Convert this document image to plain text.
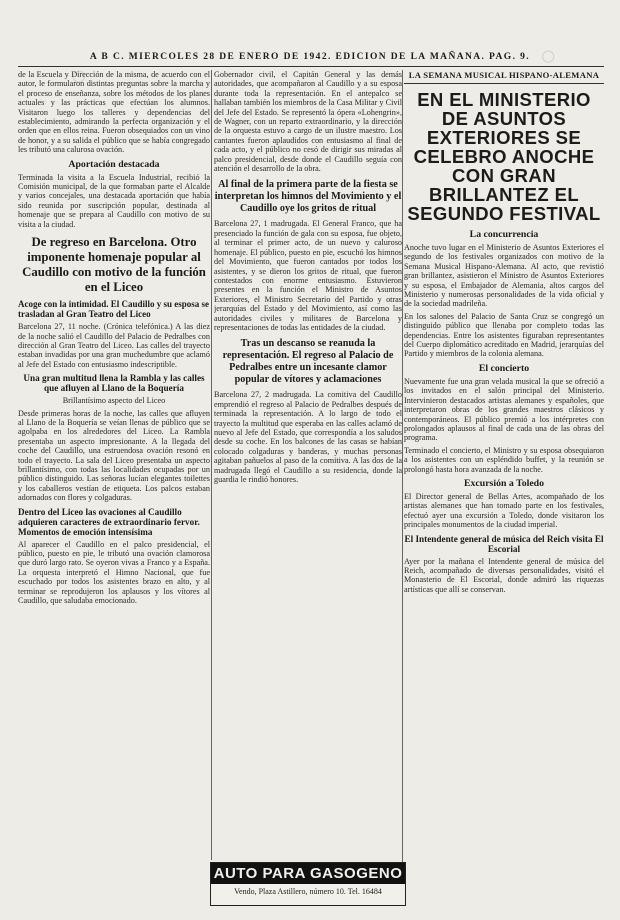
A B C. MIERCOLES 28 DE ENERO DE 1942. EDICION DE LA MAÑANA. PAG. 9.

de la Escuela y Dirección de la misma, de acuerdo con el autor, le formularon distintas preguntas sobre la marcha y el proceso de enseñanza, sobre los métodos de los planes actuales y las prácticas que efectúan los alumnos. Visitaron luego los talleres y dependencias del establecimiento, admirando la perfecta organización y el orden que en ellos reina. Fueron obsequiados con un vino de honor, y a su salida el público que se había congregado les tributó una calurosa ovación.

Aportación destacada

Terminada la visita a la Escuela Industrial, recibió la Comisión municipal, de la que formaban parte el Alcalde y varios concejales, una destacada aportación que había sido reunida por suscripción popular, destinada al homenaje que se prepara al Caudillo con motivo de su visita a la ciudad.

De regreso en Barcelona. Otro imponente homenaje popular al Caudillo con motivo de la función en el Liceo
Acoge con la intimidad. El Caudillo y su esposa se trasladan al Gran Teatro del Liceo

Barcelona 27, 11 noche. (Crónica telefónica.) A las diez de la noche salió el Caudillo del Palacio de Pedralbes con dirección al Gran Teatro del Liceo. Las calles del trayecto estaban invadidas por una gran muchedumbre que aclamó al Jefe del Estado con entusiasmo indescriptible.

Una gran multitud llena la Rambla y las calles que afluyen al Llano de la Boquería

Brillantísimo aspecto del Liceo

Desde primeras horas de la noche, las calles que afluyen al Llano de la Boquería se veían llenas de público que se agolpaba en los alrededores del Liceo. La Rambla presentaba un aspecto impresionante. A la llegada del coche del Caudillo, una estruendosa ovación resonó en todo el trayecto. La sala del Liceo presentaba un aspecto brillantísimo, con todas las localidades ocupadas por un público distinguido. Las señoras lucían elegantes toilettes y los caballeros vestían de etiqueta. Los palcos estaban adornados con flores y colgaduras.

Dentro del Liceo las ovaciones al Caudillo adquieren caracteres de extraordinario fervor. Momentos de emoción intensísima

Al aparecer el Caudillo en el palco presidencial, el público, puesto en pie, le tributó una ovación clamorosa que duró largo rato. Se oyeron vivas a Franco y a España. La orquesta interpretó el Himno Nacional, que fue escuchado por todos los asistentes brazo en alto, y al terminar se reprodujeron los aplausos y los vítores al Caudillo, que saludaba emocionado.

Gobernador civil, el Capitán General y las demás autoridades, que acompañaron al Caudillo y a su esposa durante toda la representación. En el antepalco se hallaban también los miembros de la Casa Militar y Civil del Jefe del Estado. Se representó la ópera «Lohengrin», de Wagner, con un reparto extraordinario, y la dirección de la orquesta estuvo a cargo de un ilustre maestro. Los cantantes fueron aplaudidos con entusiasmo al final de cada acto, y el público no cesó de dirigir sus miradas al palco presidencial, desde donde el Caudillo seguía con atención el desarrollo de la obra.

Al final de la primera parte de la fiesta se interpretan los himnos del Movimiento y el Caudillo oye los gritos de ritual

Barcelona 27, 1 madrugada. El General Franco, que ha presenciado la función de gala con su esposa, fue objeto, al terminar el primer acto, de un nuevo y caluroso homenaje. El público, puesto en pie, escuchó los himnos del Movimiento, que fueron cantados por todos los asistentes, y se dieron los gritos de ritual, que fueron contestados con enorme entusiasmo. Estuvieron presentes en la función el Ministro de Asuntos Exteriores, el Ministro Secretario del Partido y otras jerarquías del Estado y del Movimiento, así como las autoridades civiles y militares de Barcelona y representaciones de todas las entidades de la ciudad.

Tras un descanso se reanuda la representación. El regreso al Palacio de Pedralbes entre un incesante clamor popular de vítores y aclamaciones

Barcelona 27, 2 madrugada. La comitiva del Caudillo emprendió el regreso al Palacio de Pedralbes después de terminada la representación. A lo largo de todo el trayecto la multitud que esperaba en las calles aclamó de nuevo al Jefe del Estado, que correspondía a los saludos desde su coche. En los balcones de las casas se habían colocado colgaduras y banderas, y muchas personas agitaban pañuelos al paso de la comitiva. A las dos de la madrugada llegó el Caudillo a su residencia, donde la guardia le rindió honores.

LA SEMANA MUSICAL HISPANO-ALEMANA
EN EL MINISTERIO DE ASUNTOS EXTERIORES SE CELEBRO ANOCHE CON GRAN BRILLANTEZ EL SEGUNDO FESTIVAL
La concurrencia

Anoche tuvo lugar en el Ministerio de Asuntos Exteriores el segundo de los festivales organizados con motivo de la Semana Musical Hispano-Alemana. Al acto, que revistió gran brillantez, asistieron el Ministro de Asuntos Exteriores y su esposa, el Embajador de Alemania, altos cargos del Ministerio y numerosas personalidades de la vida oficial y de la sociedad madrileña.

En los salones del Palacio de Santa Cruz se congregó un distinguido público que llenaba por completo todas las dependencias. Entre los asistentes figuraban representantes del Cuerpo diplomático acreditado en Madrid, jerarquías del Partido y miembros de la colonia alemana.

El concierto

Nuevamente fue una gran velada musical la que se ofreció a los invitados en el salón principal del Ministerio. Intervinieron destacados artistas alemanes y españoles, que interpretaron obras de los grandes maestros clásicos y contemporáneos. El público premió a los intérpretes con prolongados aplausos al final de cada una de las obras del programa.

Terminado el concierto, el Ministro y su esposa obsequiaron a los asistentes con un espléndido buffet, y la reunión se prolongó hasta hora avanzada de la noche.

Excursión a Toledo

El Director general de Bellas Artes, acompañado de los artistas alemanes que han tomado parte en los festivales, efectuó ayer una excursión a Toledo, donde visitaron los principales monumentos de la ciudad imperial.

El Intendente general de música del Reich visita El Escorial

Ayer por la mañana el Intendente general de música del Reich, acompañado de diversas personalidades, visitó el Monasterio de El Escorial, donde admiró las riquezas artísticas que allí se conservan.

AUTO PARA GASOGENO
Vendo, Plaza Astillero, número 10. Tel. 16484
○
○
